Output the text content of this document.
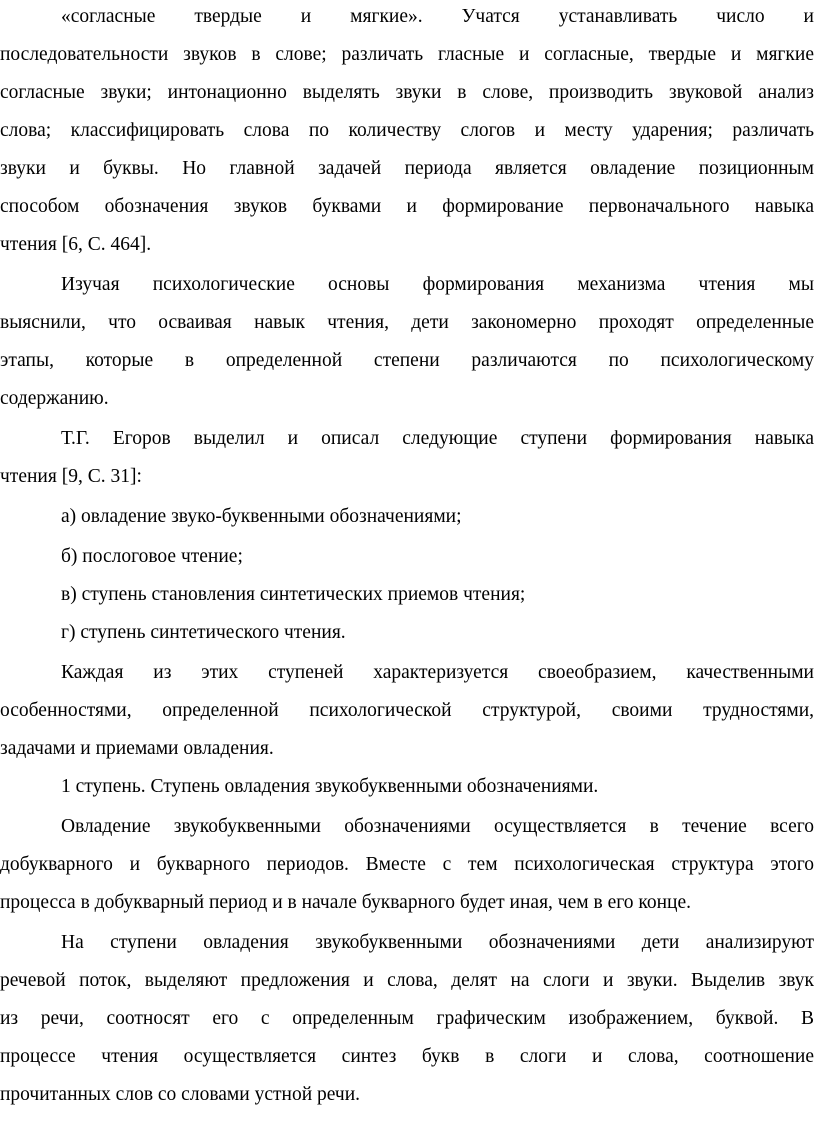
«согласные твердые и мягкие». Учатся устанавливать число и

последовательности звуков в слове; различать гласные и согласные, твердые и мягкие

согласные звуки; интонационно выделять звуки в слове, производить звуковой анализ

слова; классифицировать слова по количеству слогов и месту ударения; различать

звуки и буквы. Но главной задачей периода является овладение позиционным

способом обозначения звуков буквами и формирование первоначального навыка

чтения [6, С. 464].

Изучая психологические основы формирования механизма чтения мы

выяснили, что осваивая навык чтения, дети закономерно проходят определенные

этапы, которые в определенной степени различаются по психологическому

содержанию.

Т.Г. Егоров выделил и описал следующие ступени формирования навыка

чтения [9, С. 31]:

а) овладение звуко-буквенными обозначениями;

б) послоговое чтение;

в) ступень становления синтетических приемов чтения;

г) ступень синтетического чтения.

Каждая из этих ступеней характеризуется своеобразием, качественными

особенностями, определенной психологической структурой, своими трудностями,

задачами и приемами овладения.

1 ступень. Ступень овладения звукобуквенными обозначениями.

Овладение звукобуквенными обозначениями осуществляется в течение всего

добукварного и букварного периодов. Вместе с тем психологическая структура этого

процесса в добукварный период и в начале букварного будет иная, чем в его конце.

На ступени овладения звукобуквенными обозначениями дети анализируют

речевой поток, выделяют предложения и слова, делят на слоги и звуки. Выделив звук

из речи, соотносят его с определенным графическим изображением, буквой. В

процессе чтения осуществляется синтез букв в слоги и слова, соотношение

прочитанных слов со словами устной речи.
